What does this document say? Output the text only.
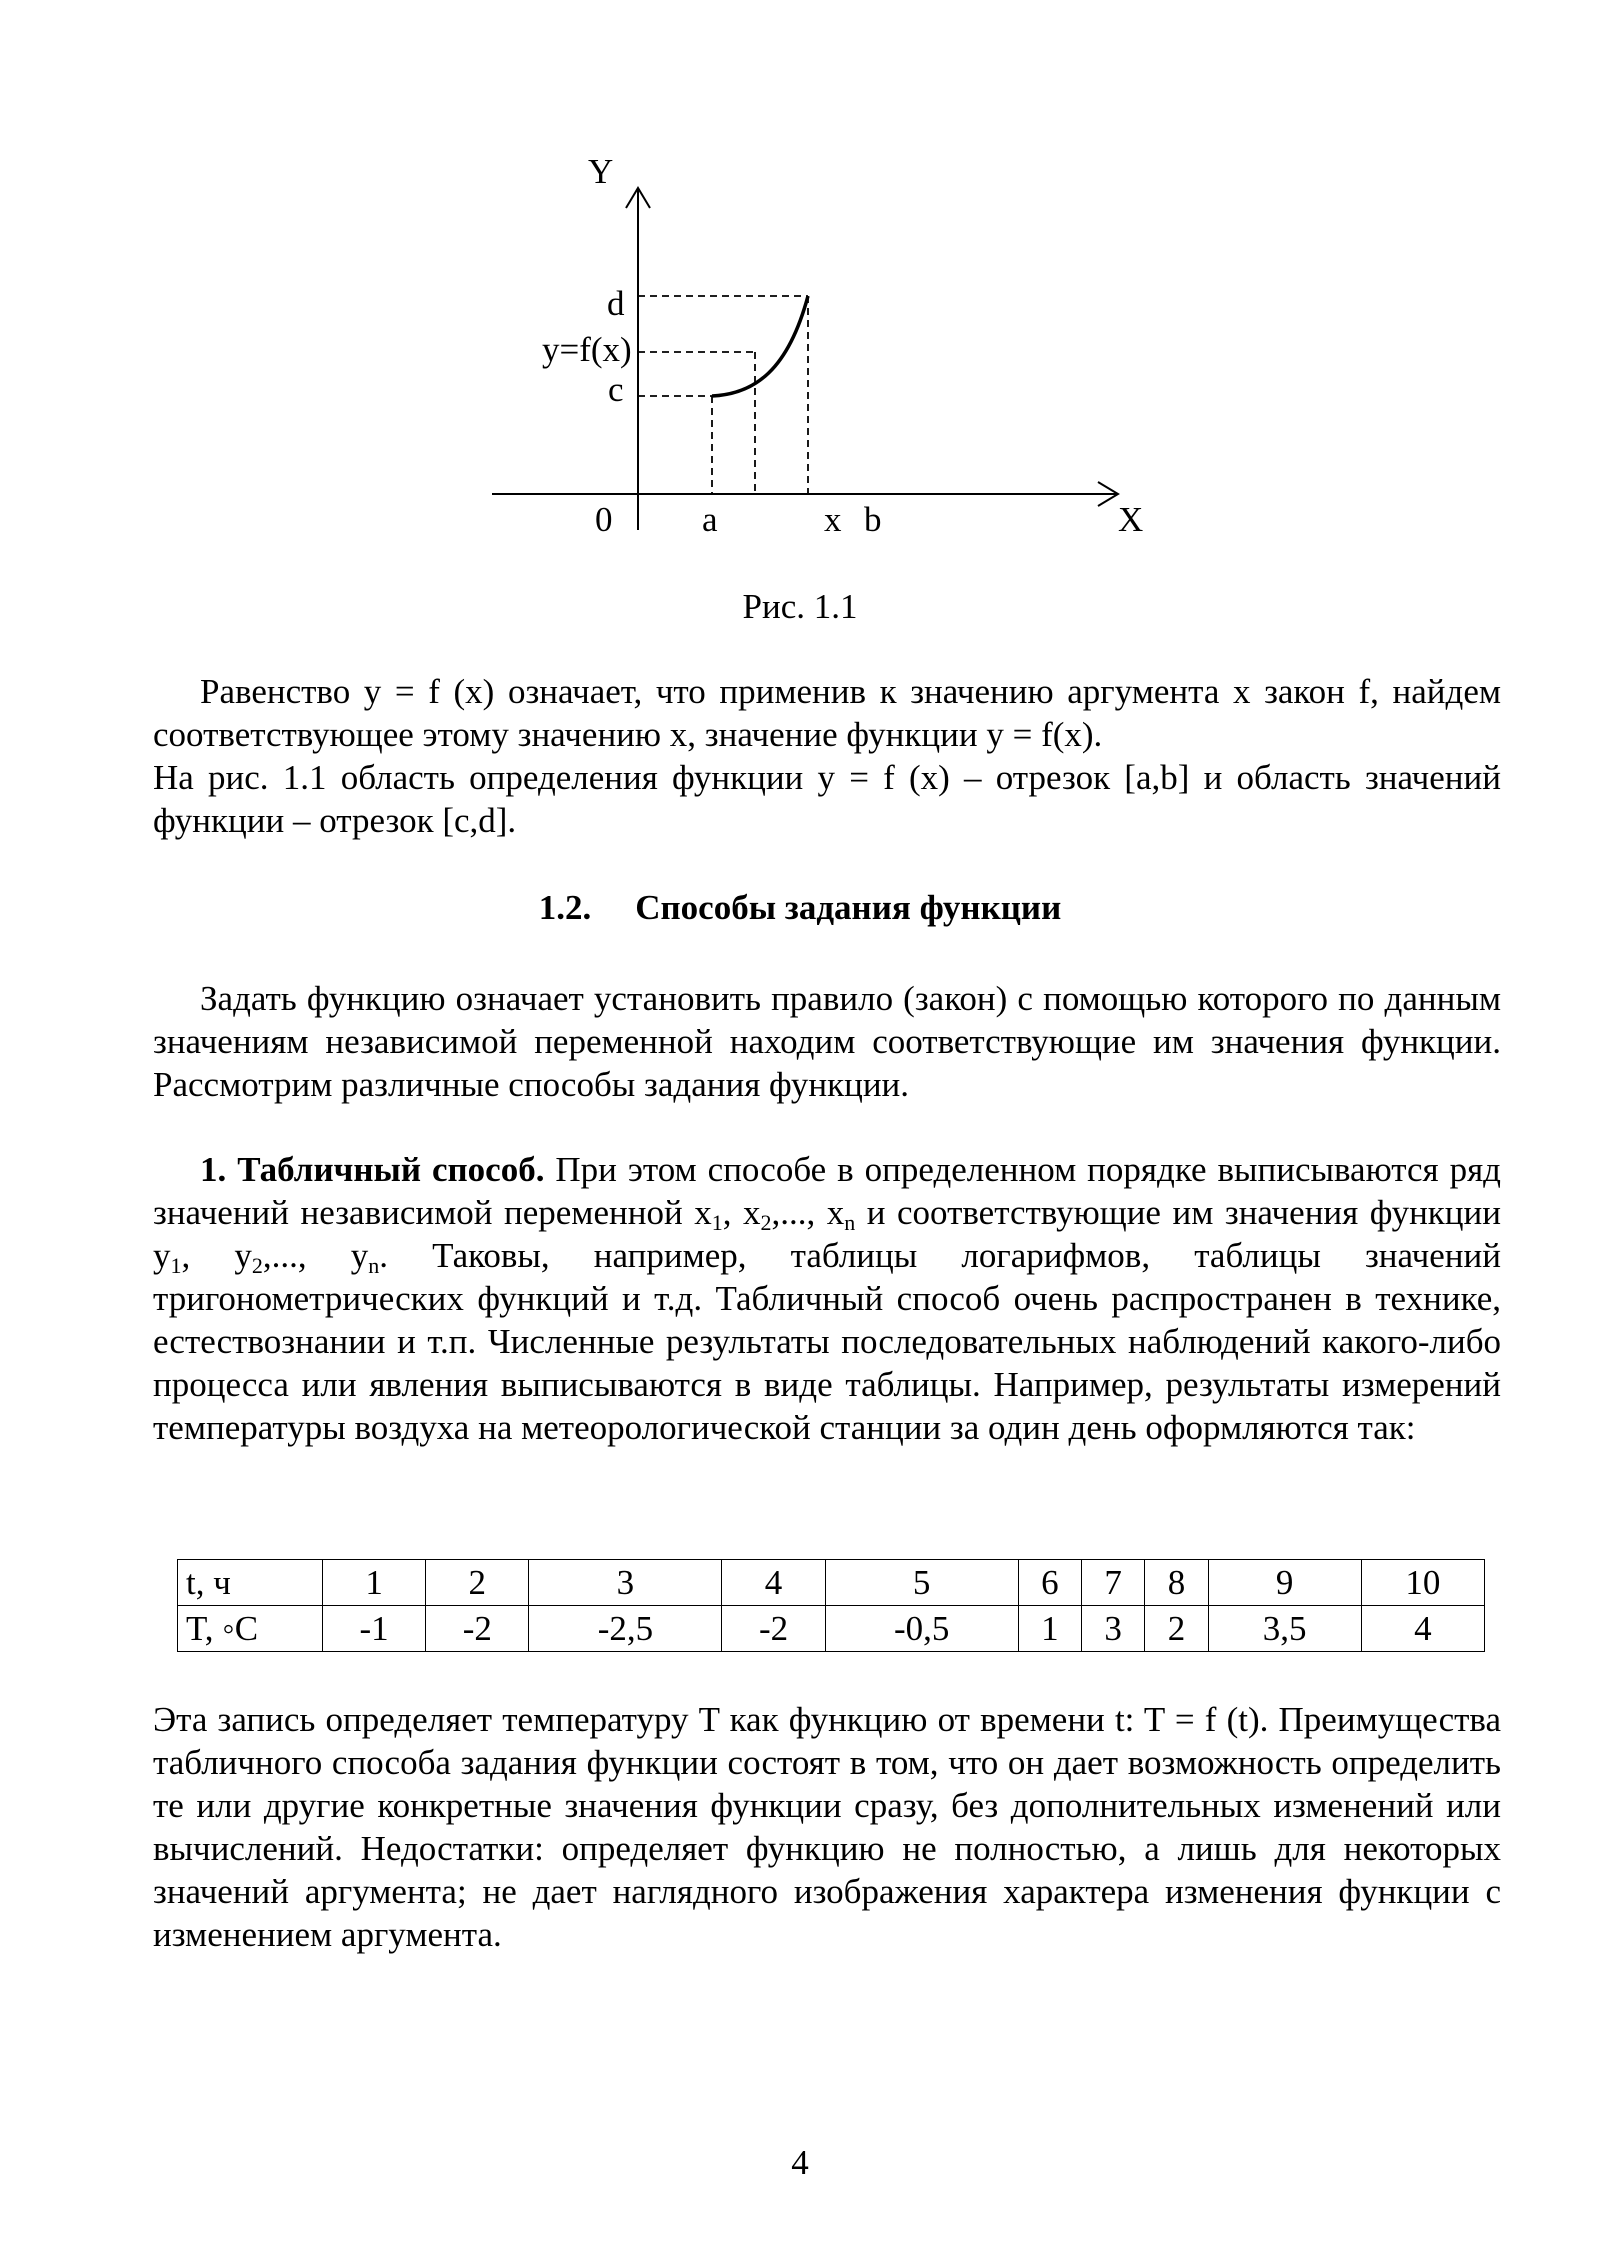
Y
d
y=f(x)
c
0	a	x b	X
Рис. 1.1

Равенство y = f (x) означает, что применив к значению аргумента x закон f, найдем соответствующее этому значению x, значение функции y = f(x).

На рис. 1.1 область определения функции y = f (x) – отрезок [a,b] и область значений функции – отрезок [c,d].

1.2. Способы задания функции

Задать функцию означает установить правило (закон) с помощью которого по данным значениям независимой переменной находим соответствующие им значения функции. Рассмотрим различные способы задания функции.

1. Табличный способ. При этом способе в определенном порядке выписываются ряд значений независимой переменной $x_1$, $x_2$,..., $x_n$ и соответствующие им значения функции $y_1$, $y_2$,..., $y_n$. Таковы, например, таблицы логарифмов, таблицы значений тригонометрических функций и т.д. Табличный способ очень распространен в технике, естествознании и т.п. Численные результаты последовательных наблюдений какого-либо процесса или явления выписываются в виде таблицы. Например, результаты измерений температуры воздуха на метеорологической станции за один день оформляются так:

t, ч	1	2	3	4	5	6	7	8	9	10
T, ◦C	-1	-2	-2,5	-2	-0,5	1	3	2	3,5	4

Эта запись определяет температуру T как функцию от времени t: T = f (t). Преимущества табличного способа задания функции состоят в том, что он дает возможность определить те или другие конкретные значения функции сразу, без дополнительных изменений или вычислений. Недостатки: определяет функцию не полностью, а лишь для некоторых значений аргумента; не дает наглядного изображения характера изменения функции с изменением аргумента.

4
